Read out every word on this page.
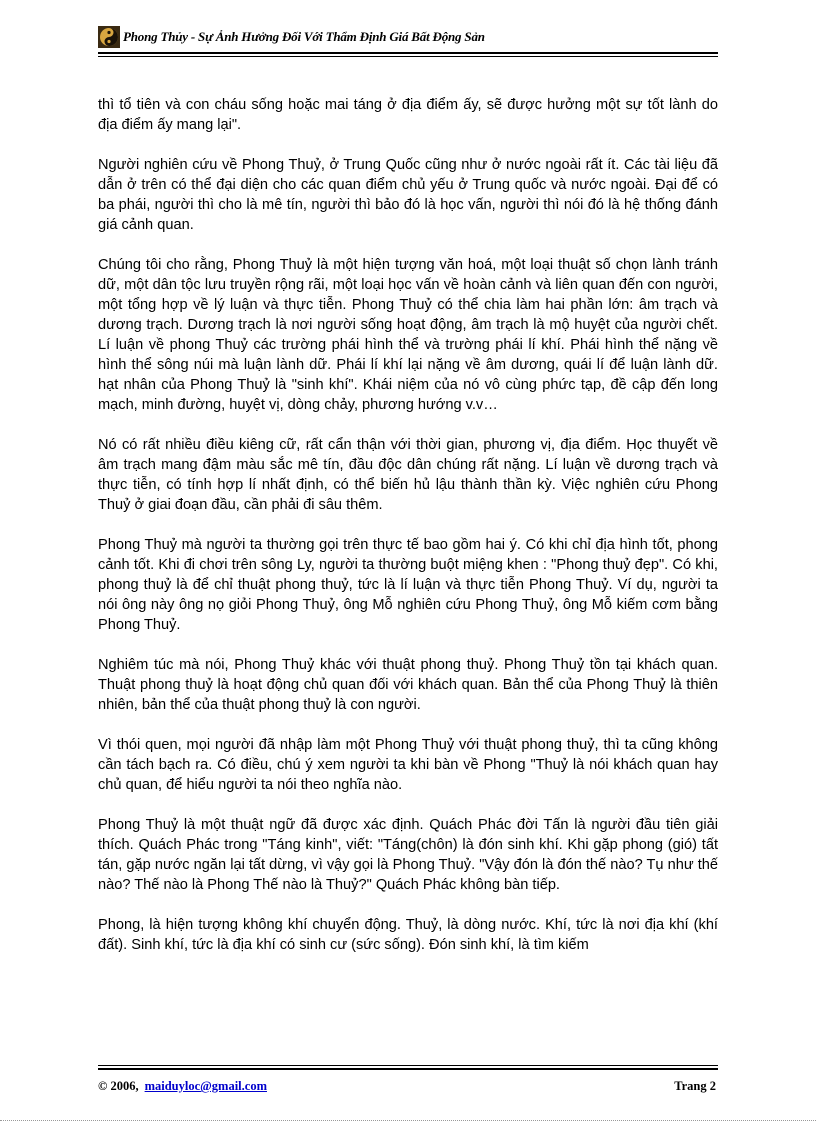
Phong Thủy - Sự Ảnh Hưởng Đối Với Thẩm Định Giá Bất Động Sản

thì tổ tiên và con cháu sống hoặc mai táng ở địa điểm ấy, sẽ được hưởng một sự tốt lành do địa điểm ấy mang lại".

Người nghiên cứu về Phong Thuỷ, ở Trung Quốc cũng như ở nước ngoài rất ít. Các tài liệu đã dẫn ở trên có thể đại diện cho các quan điểm chủ yếu ở Trung quốc và nước ngoài. Đại để có ba phái, người thì cho là mê tín, người thì bảo đó là học vấn, người thì nói đó là hệ thống đánh giá cảnh quan.

Chúng tôi cho rằng, Phong Thuỷ là một hiện tượng văn hoá, một loại thuật số chọn lành tránh dữ, một dân tộc lưu truyền rộng rãi, một loại học vấn về hoàn cảnh và liên quan đến con người, một tổng hợp về lý luận và thực tiễn. Phong Thuỷ có thể chia làm hai phần lớn: âm trạch và dương trạch. Dương trạch là nơi người sống hoạt động, âm trạch là mộ huyệt của người chết. Lí luận về phong Thuỷ các trường phái hình thể và trường phái lí khí. Phái hình thể nặng về hình thể sông núi mà luận lành dữ. Phái lí khí lại nặng về âm dương, quái lí để luận lành dữ. hạt nhân của Phong Thuỷ là "sinh khí". Khái niệm của nó vô cùng phức tạp, đề cập đến long mạch, minh đường, huyệt vị, dòng chảy, phương hướng v.v…

Nó có rất nhiều điều kiêng cữ, rất cẩn thận với thời gian, phương vị, địa điểm. Học thuyết về âm trạch mang đậm màu sắc mê tín, đầu độc dân chúng rất nặng. Lí luận về dương trạch và thực tiễn, có tính hợp lí nhất định, có thể biến hủ lậu thành thần kỳ. Việc nghiên cứu Phong Thuỷ ở giai đoạn đầu, cần phải đi sâu thêm.

Phong Thuỷ mà người ta thường gọi trên thực tế bao gồm hai ý. Có khi chỉ địa hình tốt, phong cảnh tốt. Khi đi chơi trên sông Ly, người ta thường buột miệng khen : "Phong thuỷ đẹp". Có khi, phong thuỷ là để chỉ thuật phong thuỷ, tức là lí luận và thực tiễn Phong Thuỷ. Ví dụ, người ta nói ông này ông nọ giỏi Phong Thuỷ, ông Mỗ nghiên cứu Phong Thuỷ, ông Mỗ kiếm cơm bằng Phong Thuỷ.

Nghiêm túc mà nói, Phong Thuỷ khác với thuật phong thuỷ. Phong Thuỷ tồn tại khách quan. Thuật phong thuỷ là hoạt động chủ quan đối với khách quan. Bản thể của Phong Thuỷ là thiên nhiên, bản thể của thuật phong thuỷ là con người.

Vì thói quen, mọi người đã nhập làm một Phong Thuỷ với thuật phong thuỷ, thì ta cũng không cần tách bạch ra. Có điều, chú ý xem người ta khi bàn về Phong "Thuỷ là nói khách quan hay chủ quan, để hiểu người ta nói theo nghĩa nào.

Phong Thuỷ là một thuật ngữ đã được xác định. Quách Phác đời Tấn là người đầu tiên giải thích. Quách Phác trong "Táng kinh", viết: "Táng(chôn) là đón sinh khí. Khi gặp phong (gió) tất tán, gặp nước ngăn lại tất dừng, vì vậy gọi là Phong Thuỷ. "Vậy đón là đón thế nào? Tụ như thế nào? Thế nào là Phong Thế nào là Thuỷ?" Quách Phác không bàn tiếp.

Phong, là hiện tượng không khí chuyển động. Thuỷ, là dòng nước. Khí, tức là nơi địa khí (khí đất). Sinh khí, tức là địa khí có sinh cư (sức sống). Đón sinh khí, là tìm kiếm

© 2006, maiduyloc@gmail.com	Trang 2
